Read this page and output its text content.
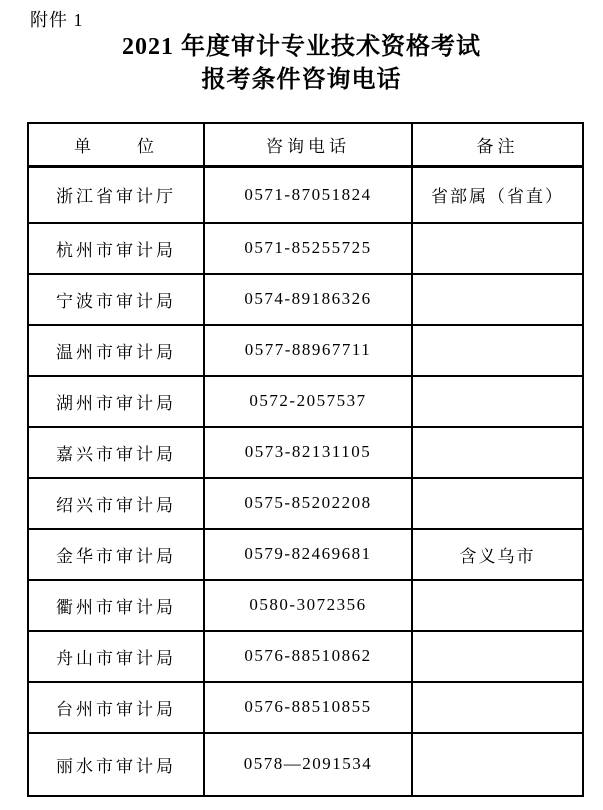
附件 1
2021 年度审计专业技术资格考试
报考条件咨询电话
单　　位	咨询电话	备注
浙江省审计厅	0571-87051824	省部属（省直）
杭州市审计局	0571-85255725	
宁波市审计局	0574-89186326	
温州市审计局	0577-88967711	
湖州市审计局	0572-2057537	
嘉兴市审计局	0573-82131105	
绍兴市审计局	0575-85202208	
金华市审计局	0579-82469681	含义乌市
衢州市审计局	0580-3072356	
舟山市审计局	0576-88510862	
台州市审计局	0576-88510855	
丽水市审计局	0578—2091534	
